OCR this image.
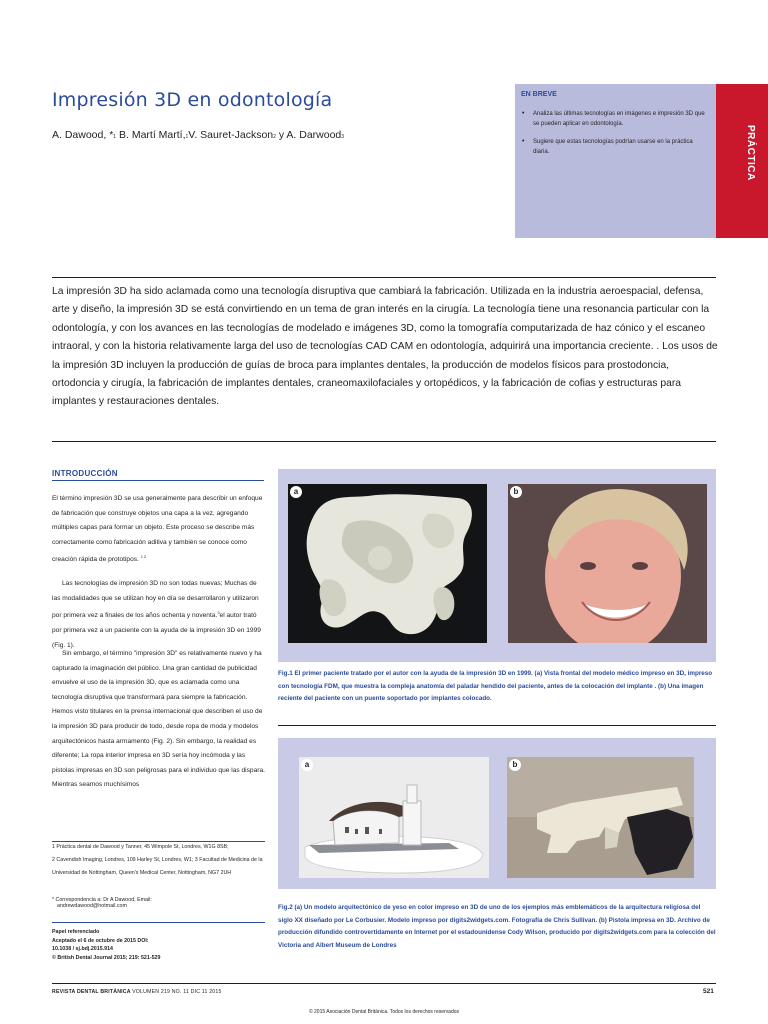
Impresión 3D en odontología
A. Dawood, *1 B. Martí Martí,1V. Sauret-Jackson2 y A. Darwood3
EN BREVE
• Analiza las últimas tecnologías en imágenes e impresión 3D que se pueden aplicar en odontología.
• Sugiere que estas tecnologías podrían usarse en la práctica diaria.	PRÁCTICA
La impresión 3D ha sido aclamada como una tecnología disruptiva que cambiará la fabricación. Utilizada en la industria aeroespacial, defensa, arte y diseño, la impresión 3D se está convirtiendo en un tema de gran interés en la cirugía. La tecnología tiene una resonancia particular con la odontología, y con los avances en las tecnologías de modelado e imágenes 3D, como la tomografía computarizada de haz cónico y el escaneo intraoral, y con la historia relativamente larga del uso de tecnologías CAD CAM en odontología, adquirirá una importancia creciente. . Los usos de la impresión 3D incluyen la producción de guías de broca para implantes dentales, la producción de modelos físicos para prostodoncia, ortodoncia y cirugía, la fabricación de implantes dentales, craneomaxilofaciales y ortopédicos, y la fabricación de cofias y estructuras para implantes y restauraciones dentales.
INTRODUCCIÓN

El término impresión 3D se usa generalmente para describir un enfoque de fabricación que construye objetos una capa a la vez, agregando múltiples capas para formar un objeto. Este proceso se describe más correctamente como fabricación aditiva y también se conoce como creación rápida de prototipos. $^{1 2}$

Las tecnologías de impresión 3D no son todas nuevas; Muchas de las modalidades que se utilizan hoy en día se desarrollaron y utilizaron por primera vez a finales de los años ochenta y noventa.$^3$el autor trató por primera vez a un paciente con la ayuda de la impresión 3D en 1999 (Fig. 1).

Sin embargo, el término "impresión 3D" es relativamente nuevo y ha capturado la imaginación del público. Una gran cantidad de publicidad envuelve el uso de la impresión 3D, que es aclamada como una tecnología disruptiva que transformará para siempre la fabricación. Hemos visto titulares en la prensa internacional que describen el uso de la impresión 3D para producir de todo, desde ropa de moda y modelos arquitectónicos hasta armamento (Fig. 2). Sin embargo, la realidad es diferente; La ropa interior impresa en 3D sería hoy incómoda y las pistolas impresas en 3D son peligrosas para el individuo que las dispara. Mientras seamos muchísimos

1 Práctica dental de Dawood y Tanner, 45 Wimpole St, Londres, W1G 8SB;

2 Cavendish Imaging, Londres, 109 Harley St, Londres, W1; 3 Facultad de Medicina de la Universidad de Nottingham, Queen's Medical Center, Nottingham, NG7 2UH

* Correspondencia a: Dr A Dawood, Email:

andrewdawood@hotmail.com

Papel referenciado

Aceptado el 6 de octubre de 2015 DOI:

10.1038 / sj.bdj.2015.914

© British Dental Journal 2015; 219: 521-529

a	b
Fig.1 El primer paciente tratado por el autor con la ayuda de la impresión 3D en 1999. (a) Vista frontal del modelo médico impreso en 3D, impreso con tecnología FDM, que muestra la compleja anatomía del paladar hendido del paciente, antes de la colocación del implante . (b) Una imagen reciente del paciente con un puente soportado por implantes colocado.
a	b
Fig.2 (a) Un modelo arquitectónico de yeso en color impreso en 3D de uno de los ejemplos más emblemáticos de la arquitectura religiosa del siglo XX diseñado por Le Corbusier. Modelo impreso por digits2widgets.com. Fotografía de Chris Sullivan. (b) Pistola impresa en 3D. Archivo de producción difundido controvertidamente en Internet por el estadounidense Cody Wilson, producido por digits2widgets.com para la colección del Victoria and Albert Museum de Londres
REVISTA DENTAL BRITÁNICA VOLUMEN 219 NO. 11 DIC 11 2015	521
© 2015 Asociación Dental Británica. Todos los derechos reservados
